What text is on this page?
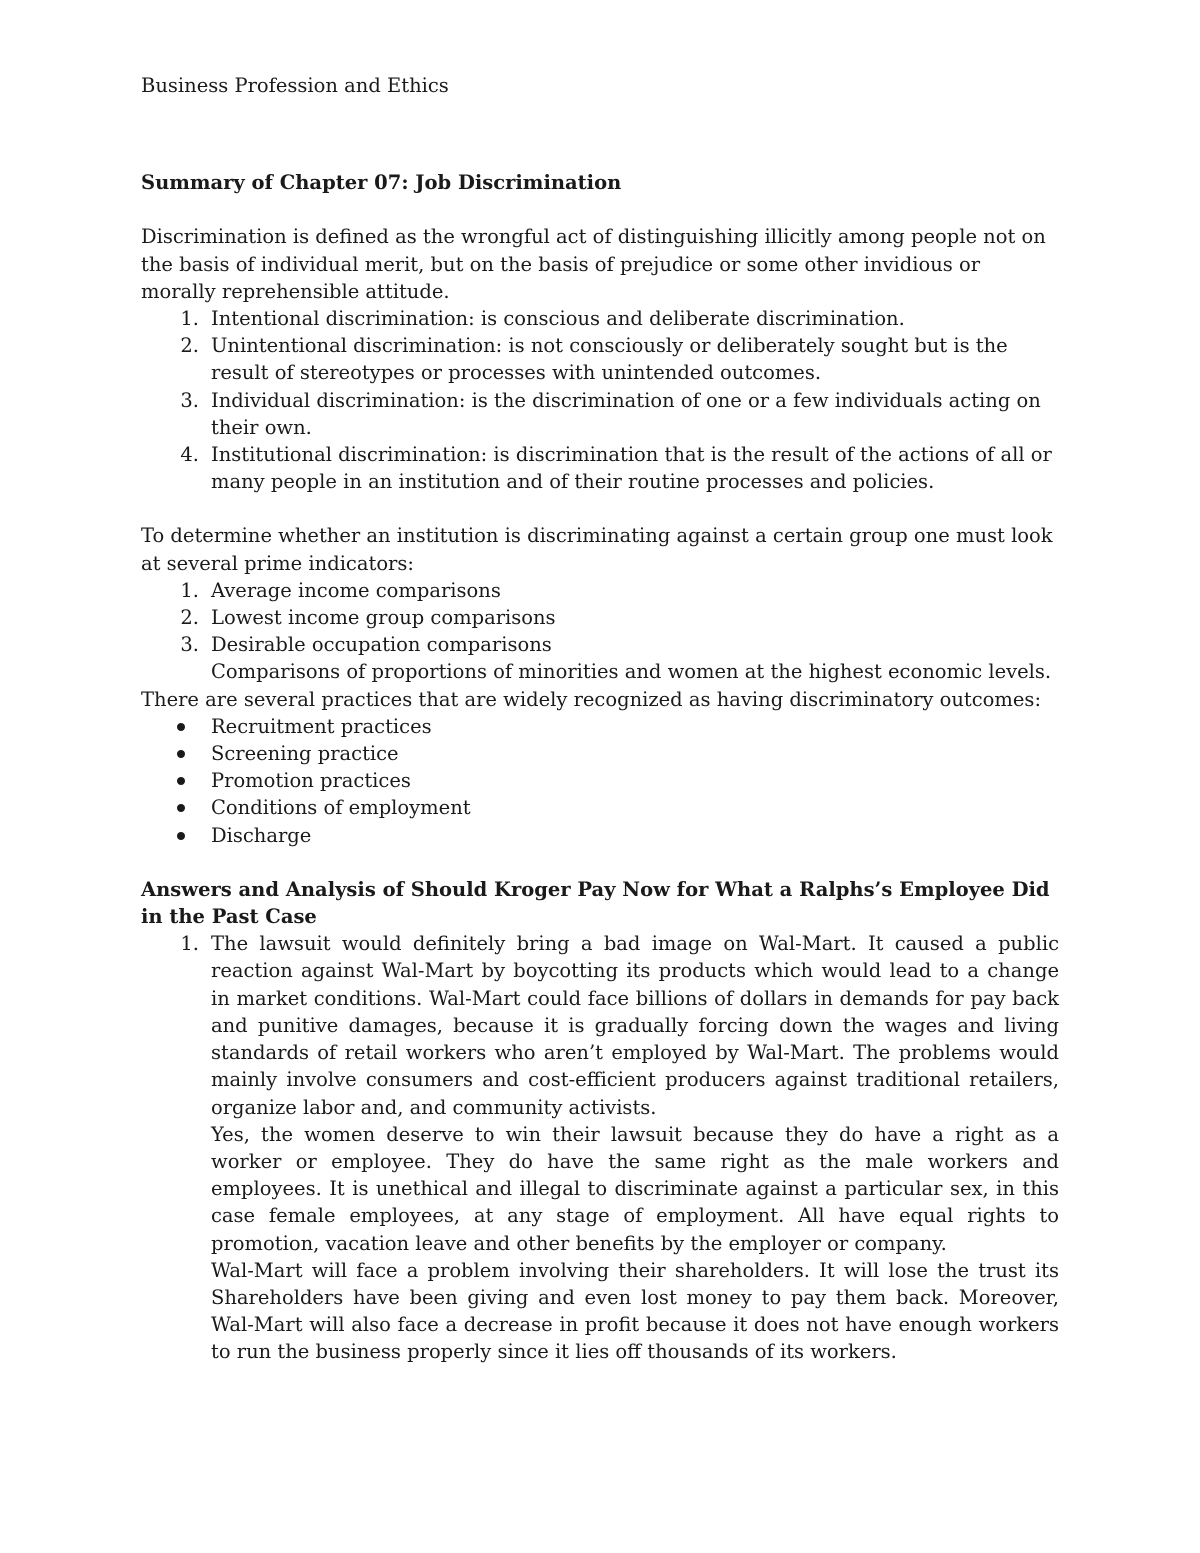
Business Profession and Ethics

Summary of Chapter 07: Job Discrimination

Discrimination is defined as the wrongful act of distinguishing illicitly among people not on the basis of individual merit, but on the basis of prejudice or some other invidious or morally reprehensible attitude.

1. Intentional discrimination: is conscious and deliberate discrimination.
2. Unintentional discrimination: is not consciously or deliberately sought but is the result of stereotypes or processes with unintended outcomes.
3. Individual discrimination: is the discrimination of one or a few individuals acting on their own.
4. Institutional discrimination: is discrimination that is the result of the actions of all or many people in an institution and of their routine processes and policies.

To determine whether an institution is discriminating against a certain group one must look at several prime indicators:

1. Average income comparisons
2. Lowest income group comparisons
3. Desirable occupation comparisons

Comparisons of proportions of minorities and women at the highest economic levels.

There are several practices that are widely recognized as having discriminatory outcomes:

Recruitment practices
Screening practice
Promotion practices
Conditions of employment
Discharge
Answers and Analysis of Should Kroger Pay Now for What a Ralphs’s Employee Did in the Past Case
1. The lawsuit would definitely bring a bad image on Wal-Mart. It caused a public reaction against Wal-Mart by boycotting its products which would lead to a change in market conditions. Wal-Mart could face billions of dollars in demands for pay back and punitive damages, because it is gradually forcing down the wages and living standards of retail workers who aren’t employed by Wal-Mart. The problems would mainly involve consumers and cost-efficient producers against traditional retailers, organize labor and, and community activists.

Yes, the women deserve to win their lawsuit because they do have a right as a worker or employee. They do have the same right as the male workers and employees. It is unethical and illegal to discriminate against a particular sex, in this case female employees, at any stage of employment. All have equal rights to promotion, vacation leave and other benefits by the employer or company.

Wal-Mart will face a problem involving their shareholders. It will lose the trust its Shareholders have been giving and even lost money to pay them back. Moreover, Wal-Mart will also face a decrease in profit because it does not have enough workers to run the business properly since it lies off thousands of its workers.
